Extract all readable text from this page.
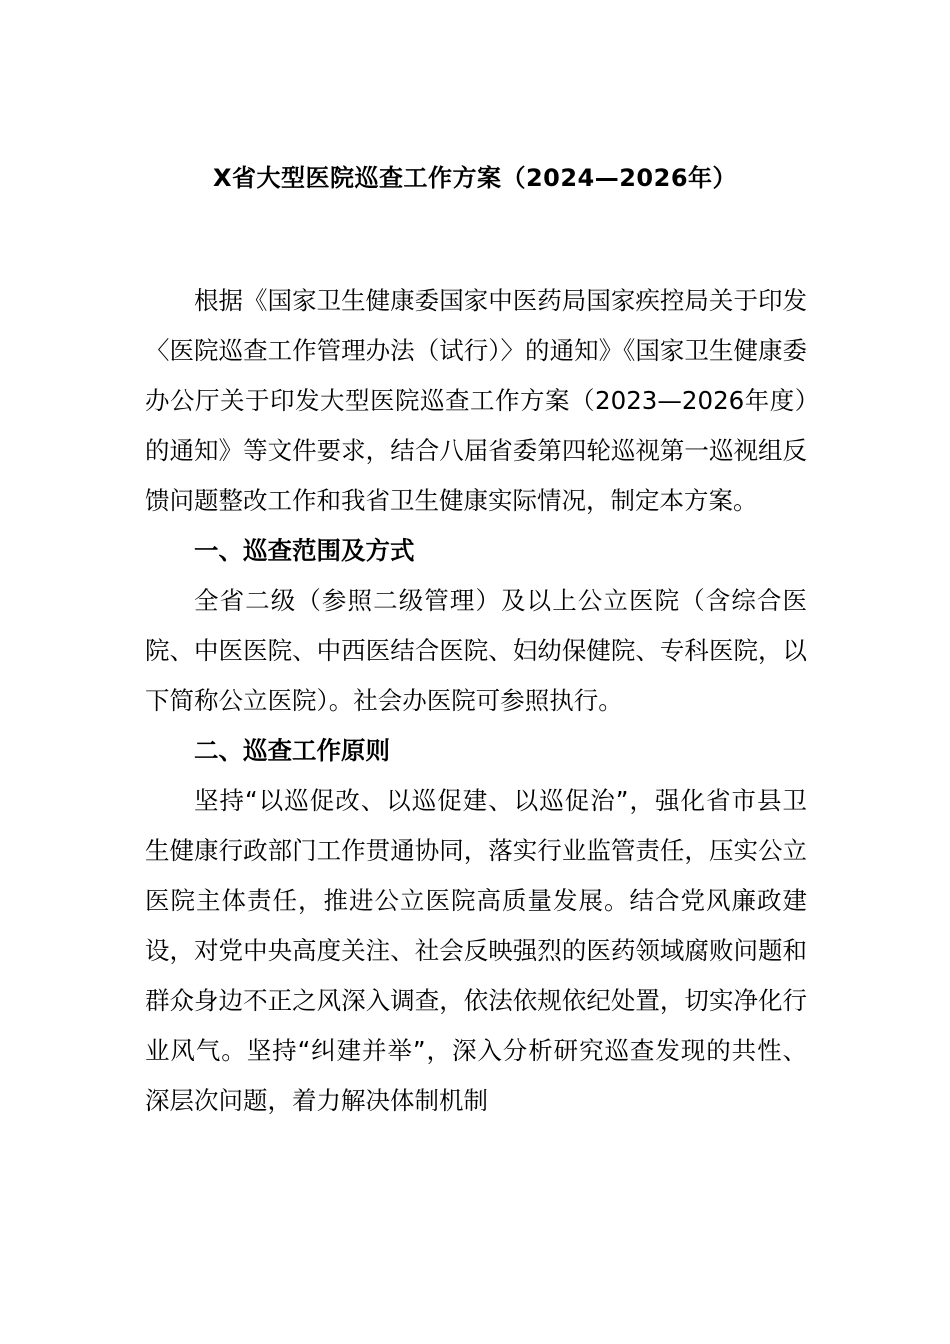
X省大型医院巡查工作方案（2024—2026年）

根据《国家卫生健康委国家中医药局国家疾控局关于印发〈医院巡查工作管理办法（试行）〉的通知》《国家卫生健康委办公厅关于印发大型医院巡查工作方案（2023—2026年度）的通知》等文件要求，结合八届省委第四轮巡视第一巡视组反馈问题整改工作和我省卫生健康实际情况，制定本方案。

一、巡查范围及方式

全省二级（参照二级管理）及以上公立医院（含综合医院、中医医院、中西医结合医院、妇幼保健院、专科医院，以下简称公立医院）。社会办医院可参照执行。

二、巡查工作原则

坚持“以巡促改、以巡促建、以巡促治”，强化省市县卫生健康行政部门工作贯通协同，落实行业监管责任，压实公立医院主体责任，推进公立医院高质量发展。结合党风廉政建设，对党中央高度关注、社会反映强烈的医药领域腐败问题和群众身边不正之风深入调查，依法依规依纪处置，切实净化行业风气。坚持“纠建并举”，深入分析研究巡查发现的共性、深层次问题，着力解决体制机制
